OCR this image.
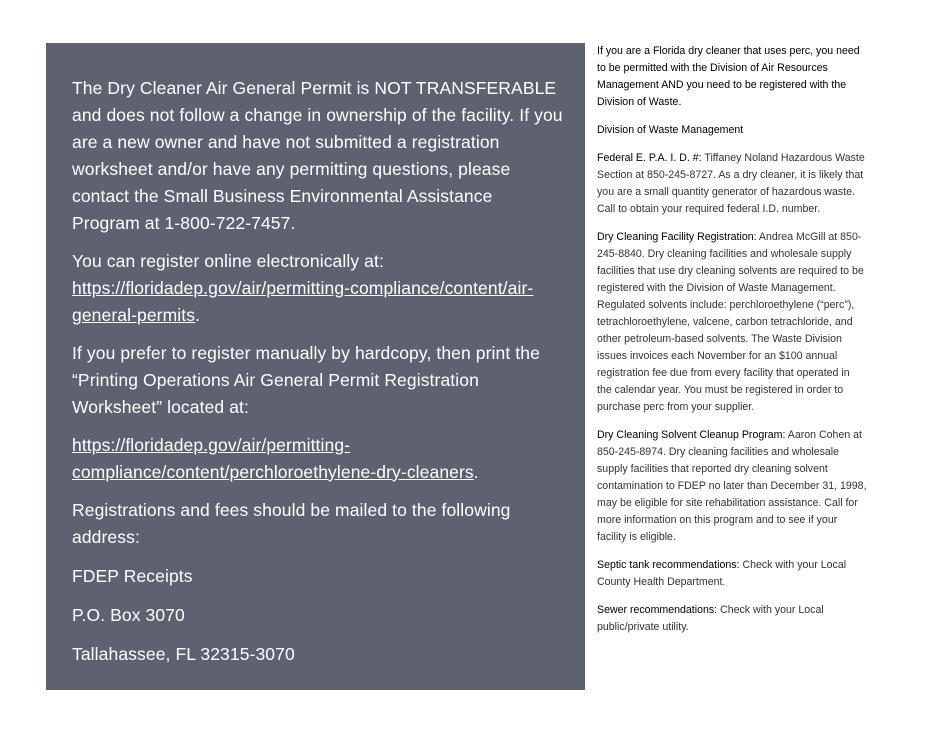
The Dry Cleaner Air General Permit is NOT TRANSFERABLE and does not follow a change in ownership of the facility. If you are a new owner and have not submitted a registration worksheet and/or have any permitting questions, please contact the Small Business Environmental Assistance Program at 1-800-722-7457.

You can register online electronically at:
https://floridadep.gov/air/permitting-compliance/content/air-general-permits.

If you prefer to register manually by hardcopy, then print the “Printing Operations Air General Permit Registration Worksheet” located at:

https://floridadep.gov/air/permitting-compliance/content/perchloroethylene-dry-cleaners.

Registrations and fees should be mailed to the following address:

FDEP Receipts

P.O. Box 3070

Tallahassee, FL 32315-3070

If you are a Florida dry cleaner that uses perc, you need to be permitted with the Division of Air Resources Management AND you need to be registered with the Division of Waste.

Division of Waste Management

Federal E. P.A. I. D. #: Tiffaney Noland Hazardous Waste Section at 850-245-8727. As a dry cleaner, it is likely that you are a small quantity generator of hazardous waste. Call to obtain your required federal I.D. number.

Dry Cleaning Facility Registration: Andrea McGill at 850-245-8840. Dry cleaning facilities and wholesale supply facilities that use dry cleaning solvents are required to be registered with the Division of Waste Management. Regulated solvents include: perchloroethylene (“perc”), tetrachloroethylene, valcene, carbon tetrachloride, and other petroleum-based solvents. The Waste Division issues invoices each November for an $100 annual registration fee due from every facility that operated in the calendar year. You must be registered in order to purchase perc from your supplier.

Dry Cleaning Solvent Cleanup Program: Aaron Cohen at 850-245-8974. Dry cleaning facilities and wholesale supply facilities that reported dry cleaning solvent contamination to FDEP no later than December 31, 1998, may be eligible for site rehabilitation assistance. Call for more information on this program and to see if your facility is eligible.

Septic tank recommendations: Check with your Local County Health Department.

Sewer recommendations: Check with your Local public/private utility.
